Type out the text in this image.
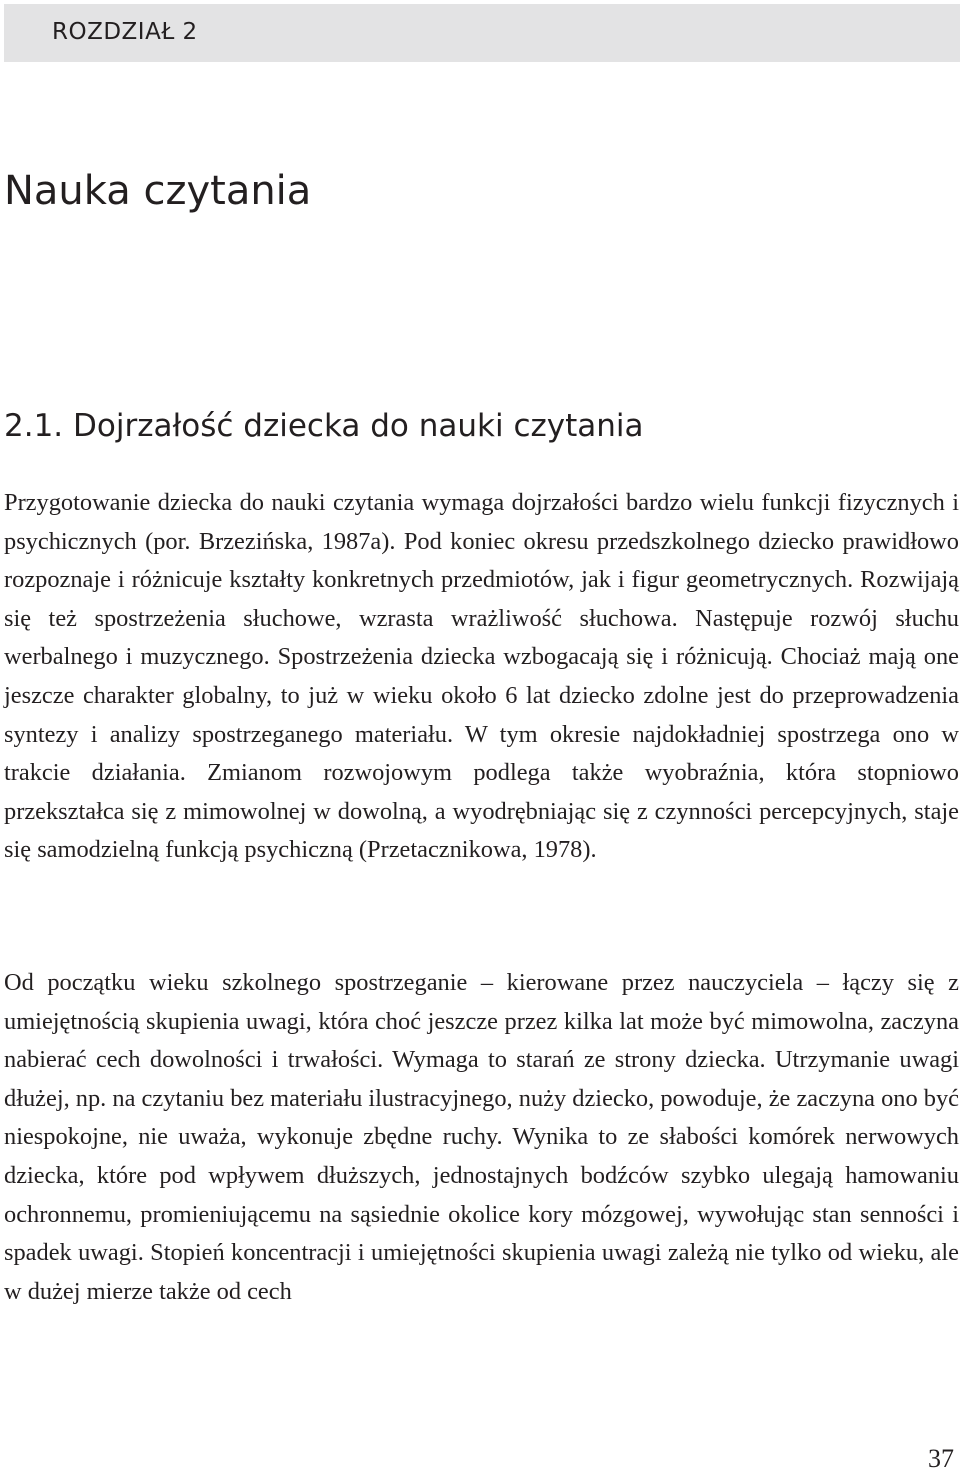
ROZDZIAŁ 2
Nauka czytania
2.1. Dojrzałość dziecka do nauki czytania

Przygotowanie dziecka do nauki czytania wymaga dojrzałości bardzo wielu funkcji fizycznych i psychicznych (por. Brzezińska, 1987a). Pod koniec okresu przedszkolnego dziecko prawidłowo rozpoznaje i różnicuje kształty konkretnych przedmiotów, jak i figur geometrycznych. Rozwijają się też spostrzeżenia słuchowe, wzrasta wrażliwość słuchowa. Następuje rozwój słuchu werbalnego i muzycznego. Spostrzeżenia dziecka wzbogacają się i różnicują. Chociaż mają one jeszcze charakter globalny, to już w wieku około 6 lat dziecko zdolne jest do przeprowadzenia syntezy i analizy spostrzeganego materiału. W tym okresie najdokładniej spostrzega ono w trakcie działania. Zmianom rozwojowym podlega także wyobraźnia, która stopniowo przekształca się z mimowolnej w dowolną, a wyodrębniając się z czynności percepcyjnych, staje się samodzielną funkcją psychiczną (Przetacznikowa, 1978).

Od początku wieku szkolnego spostrzeganie – kierowane przez nauczyciela – łączy się z umiejętnością skupienia uwagi, która choć jeszcze przez kilka lat może być mimowolna, zaczyna nabierać cech dowolności i trwałości. Wymaga to starań ze strony dziecka. Utrzymanie uwagi dłużej, np. na czytaniu bez materiału ilustracyjnego, nuży dziecko, powoduje, że zaczyna ono być niespokojne, nie uważa, wykonuje zbędne ruchy. Wynika to ze słabości komórek nerwowych dziecka, które pod wpływem dłuższych, jednostajnych bodźców szybko ulegają hamowaniu ochronnemu, promieniującemu na sąsiednie okolice kory mózgowej, wywołując stan senności i spadek uwagi. Stopień koncentracji i umiejętności skupienia uwagi zależą nie tylko od wieku, ale w dużej mierze także od cech

37
